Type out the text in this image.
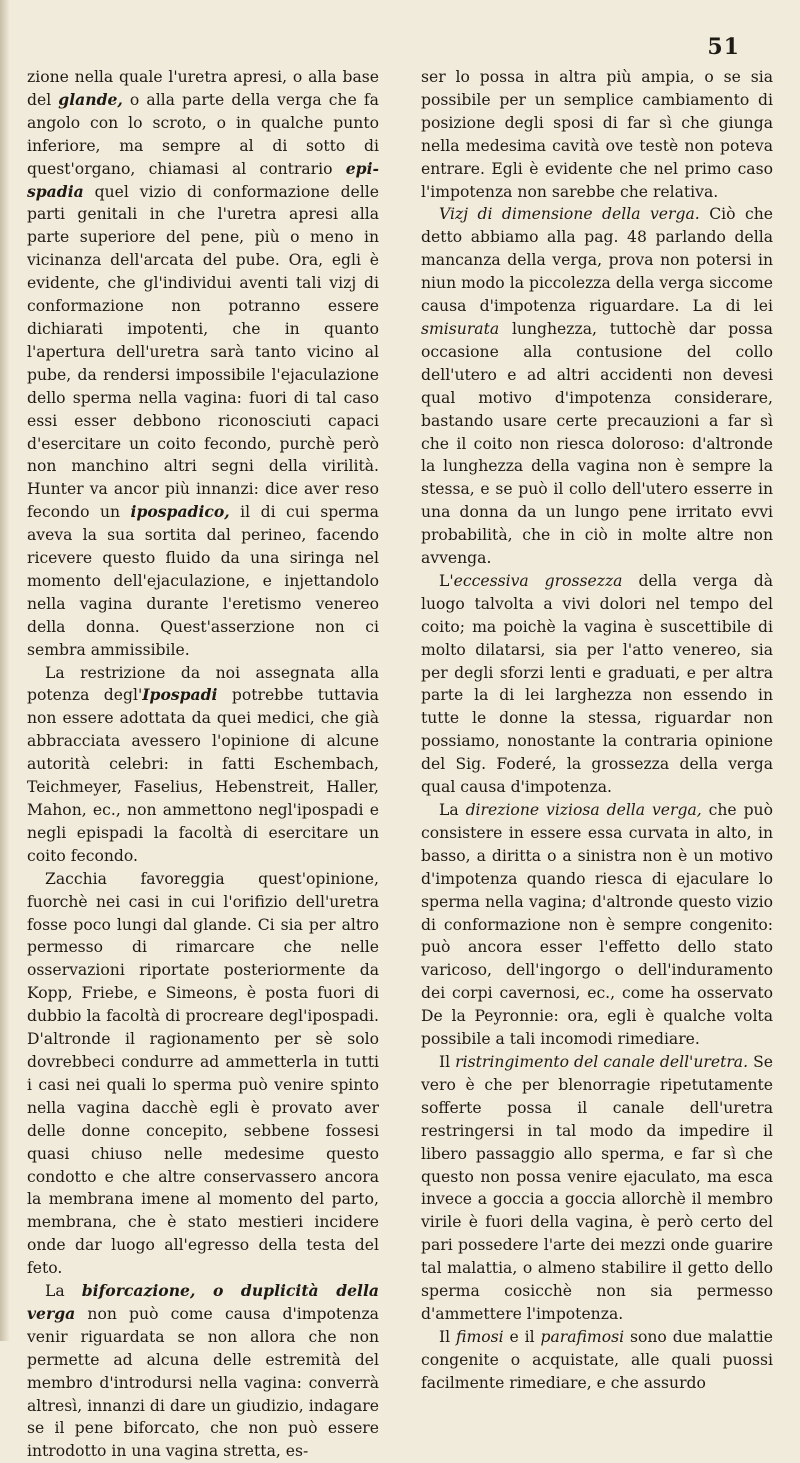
51

zione nella quale l'uretra apresi, o alla base del glande, o alla parte della verga che fa angolo con lo scroto, o in qualche punto inferiore, ma sempre al di sotto di quest'organo, chiamasi al contrario epi-spadia quel vizio di conformazione delle parti genitali in che l'uretra apresi alla parte superiore del pene, più o meno in vicinanza dell'arcata del pube. Ora, egli è evidente, che gl'individui aventi tali vizj di conformazione non potranno essere dichiarati impotenti, che in quanto l'apertura dell'uretra sarà tanto vicino al pube, da rendersi impossibile l'ejaculazione dello sperma nella vagina: fuori di tal caso essi esser debbono riconosciuti capaci d'esercitare un coito fecondo, purchè però non manchino altri segni della virilità. Hunter va ancor più innanzi: dice aver reso fecondo un ipospadico, il di cui sperma aveva la sua sortita dal perineo, facendo ricevere questo fluido da una siringa nel momento dell'ejaculazione, e injettandolo nella vagina durante l'eretismo venereo della donna. Quest'asserzione non ci sembra ammissibile.

La restrizione da noi assegnata alla potenza degl'Ipospadi potrebbe tuttavia non essere adottata da quei medici, che già abbracciata avessero l'opinione di alcune autorità celebri: in fatti Eschembach, Teichmeyer, Faselius, Hebenstreit, Haller, Mahon, ec., non ammettono negl'ipospadi e negli epispadi la facoltà di esercitare un coito fecondo.

Zacchia favoreggia quest'opinione, fuorchè nei casi in cui l'orifizio dell'uretra fosse poco lungi dal glande. Ci sia per altro permesso di rimarcare che nelle osservazioni riportate posteriormente da Kopp, Friebe, e Simeons, è posta fuori di dubbio la facoltà di procreare degl'ipospadi. D'altronde il ragionamento per sè solo dovrebbeci condurre ad ammetterla in tutti i casi nei quali lo sperma può venire spinto nella vagina dacchè egli è provato aver delle donne concepito, sebbene fossesi quasi chiuso nelle medesime questo condotto e che altre conservassero ancora la membrana imene al momento del parto, membrana, che è stato mestieri incidere onde dar luogo all'egresso della testa del feto.

La biforcazione, o duplicità della verga non può come causa d'impotenza venir riguardata se non allora che non permette ad alcuna delle estremità del membro d'introdursi nella vagina: converrà altresì, innanzi di dare un giudizio, indagare se il pene biforcato, che non può essere introdotto in una vagina stretta, es-

ser lo possa in altra più ampia, o se sia possibile per un semplice cambiamento di posizione degli sposi di far sì che giunga nella medesima cavità ove testè non poteva entrare. Egli è evidente che nel primo caso l'impotenza non sarebbe che relativa.

Vizj di dimensione della verga. Ciò che detto abbiamo alla pag. 48 parlando della mancanza della verga, prova non potersi in niun modo la piccolezza della verga siccome causa d'impotenza riguardare. La di lei smisurata lunghezza, tuttochè dar possa occasione alla contusione del collo dell'utero e ad altri accidenti non devesi qual motivo d'impotenza considerare, bastando usare certe precauzioni a far sì che il coito non riesca doloroso: d'altronde la lunghezza della vagina non è sempre la stessa, e se può il collo dell'utero esserre in una donna da un lungo pene irritato evvi probabilità, che in ciò in molte altre non avvenga.

L'eccessiva grossezza della verga dà luogo talvolta a vivi dolori nel tempo del coito; ma poichè la vagina è suscettibile di molto dilatarsi, sia per l'atto venereo, sia per degli sforzi lenti e graduati, e per altra parte la di lei larghezza non essendo in tutte le donne la stessa, riguardar non possiamo, nonostante la contraria opinione del Sig. Foderé, la grossezza della verga qual causa d'impotenza.

La direzione viziosa della verga, che può consistere in essere essa curvata in alto, in basso, a diritta o a sinistra non è un motivo d'impotenza quando riesca di ejaculare lo sperma nella vagina; d'altronde questo vizio di conformazione non è sempre congenito: può ancora esser l'effetto dello stato varicoso, dell'ingorgo o dell'induramento dei corpi cavernosi, ec., come ha osservato De la Peyronnie: ora, egli è qualche volta possibile a tali incomodi rimediare.

Il ristringimento del canale dell'uretra. Se vero è che per blenorragie ripetutamente sofferte possa il canale dell'uretra restringersi in tal modo da impedire il libero passaggio allo sperma, e far sì che questo non possa venire ejaculato, ma esca invece a goccia a goccia allorchè il membro virile è fuori della vagina, è però certo del pari possedere l'arte dei mezzi onde guarire tal malattia, o almeno stabilire il getto dello sperma cosicchè non sia permesso d'ammettere l'impotenza.

Il fimosi e il parafimosi sono due malattie congenite o acquistate, alle quali puossi facilmente rimediare, e che assurdo
